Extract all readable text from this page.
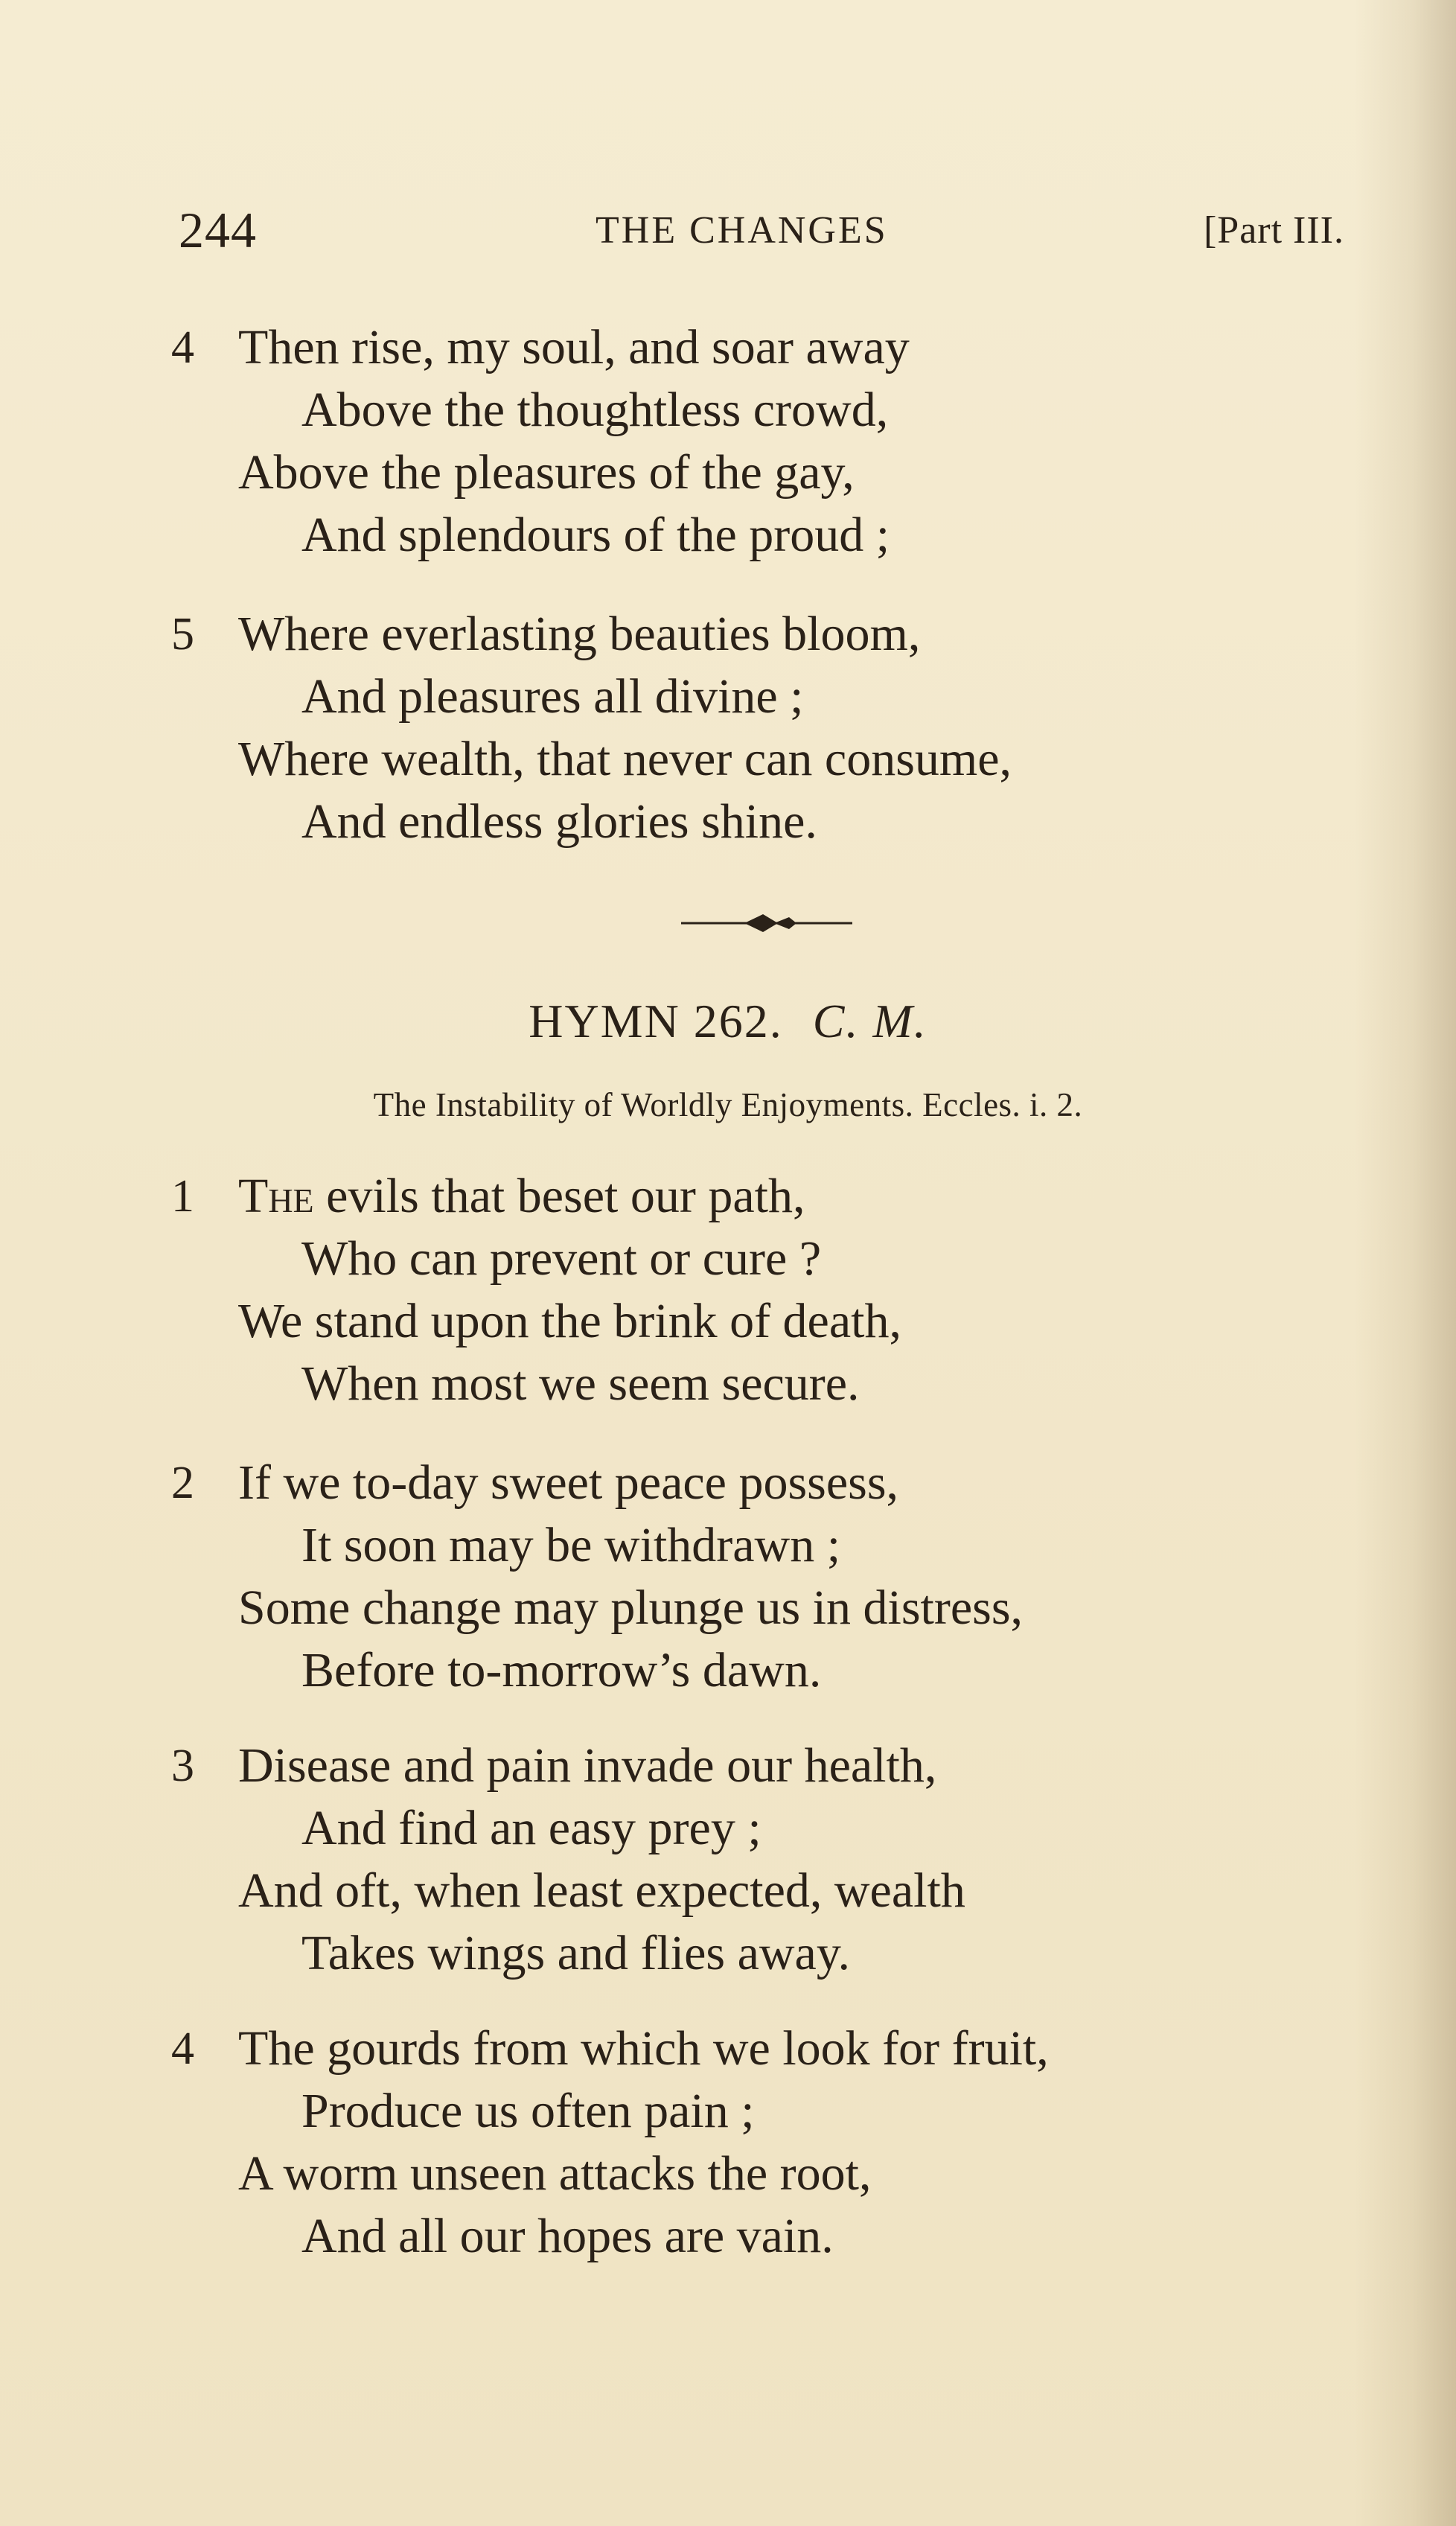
244	THE CHANGES	[Part III.
4 Then rise, my soul, and soar away
Above the thoughtless crowd,
Above the pleasures of the gay,
And splendours of the proud ;
5 Where everlasting beauties bloom,
And pleasures all divine ;
Where wealth, that never can consume,
And endless glories shine.
HYMN 262. C. M.
The Instability of Worldly Enjoyments. Eccles. i. 2.
1 The evils that beset our path,
Who can prevent or cure ?
We stand upon the brink of death,
When most we seem secure.
2 If we to-day sweet peace possess,
It soon may be withdrawn ;
Some change may plunge us in distress,
Before to-morrow’s dawn.
3 Disease and pain invade our health,
And find an easy prey ;
And oft, when least expected, wealth
Takes wings and flies away.
4 The gourds from which we look for fruit,
Produce us often pain ;
A worm unseen attacks the root,
And all our hopes are vain.
